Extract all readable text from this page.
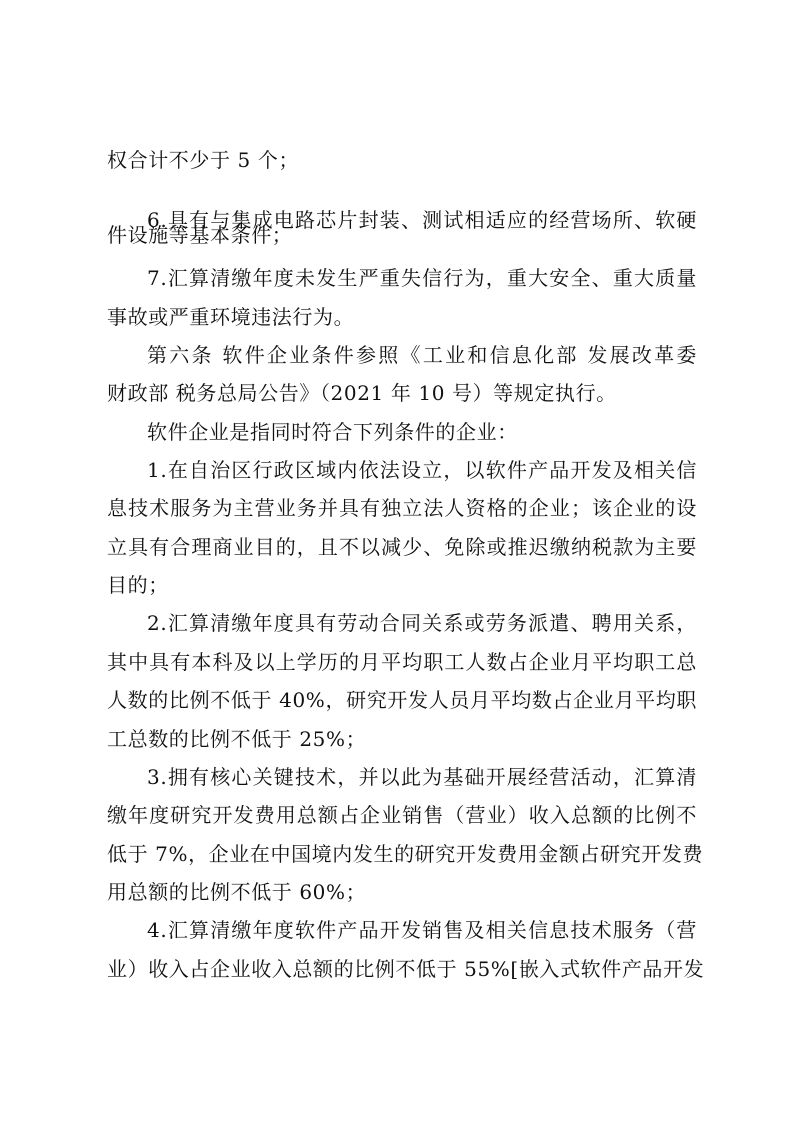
权合计不少于 5 个；
6.具有与集成电路芯片封装、测试相适应的经营场所、软硬
件设施等基本条件；
7.汇算清缴年度未发生严重失信行为，重大安全、重大质量
事故或严重环境违法行为。
第六条 软件企业条件参照《工业和信息化部 发展改革委
财政部 税务总局公告》（2021 年 10 号）等规定执行。
软件企业是指同时符合下列条件的企业：
1.在自治区行政区域内依法设立，以软件产品开发及相关信
息技术服务为主营业务并具有独立法人资格的企业；该企业的设
立具有合理商业目的，且不以减少、免除或推迟缴纳税款为主要
目的；
2.汇算清缴年度具有劳动合同关系或劳务派遣、聘用关系，
其中具有本科及以上学历的月平均职工人数占企业月平均职工总
人数的比例不低于 40%，研究开发人员月平均数占企业月平均职
工总数的比例不低于 25%；
3.拥有核心关键技术，并以此为基础开展经营活动，汇算清
缴年度研究开发费用总额占企业销售（营业）收入总额的比例不
低于 7%，企业在中国境内发生的研究开发费用金额占研究开发费
用总额的比例不低于 60%；
4.汇算清缴年度软件产品开发销售及相关信息技术服务（营
业）收入占企业收入总额的比例不低于 55%[嵌入式软件产品开发
